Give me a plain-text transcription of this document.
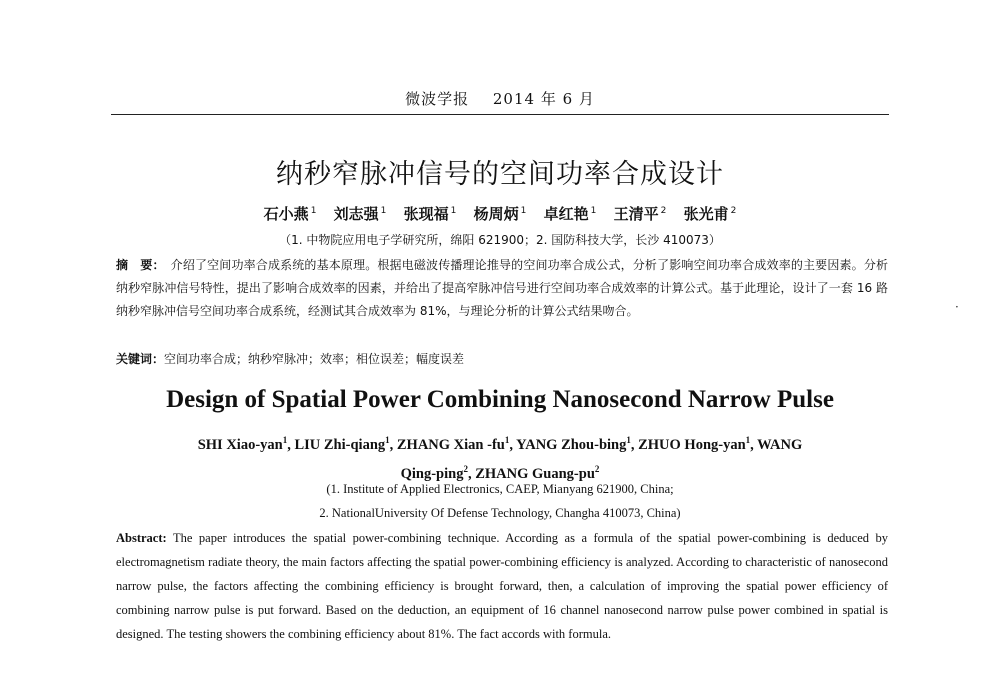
微波学报 2014 年 6 月
纳秒窄脉冲信号的空间功率合成设计
石小燕 $^1$ 刘志强 $^1$ 张现福 $^1$ 杨周炳 $^1$ 卓红艳 $^1$ 王清平 $^2$ 张光甫 $^2$
（1. 中物院应用电子学研究所，绵阳 621900；2. 国防科技大学，长沙 410073）
摘　要： 介绍了空间功率合成系统的基本原理。根据电磁波传播理论推导的空间功率合成公式，分析了影响空间功率合成效率的主要因素。分析纳秒窄脉冲信号特性，提出了影响合成效率的因素，并给出了提高窄脉冲信号进行空间功率合成效率的计算公式。基于此理论，设计了一套 16 路纳秒窄脉冲信号空间功率合成系统，经测试其合成效率为 81%，与理论分析的计算公式结果吻合。
关键词：空间功率合成；纳秒窄脉冲；效率；相位误差；幅度误差
Design of Spatial Power Combining Nanosecond Narrow Pulse
SHI Xiao-yan$^1$, LIU Zhi-qiang$^1$, ZHANG Xian $-fu^1$, YANG Zhou-bing$^1$, ZHUO Hong-yan$^1$, WANG
Qing-ping$^2$, ZHANG Guang-$pu^2$
(1. Institute of Applied Electronics, CAEP, Mianyang 621900, China;
2. NationalUniversity Of Defense Technology, Changha 410073, China)
Abstract: The paper introduces the spatial power-combining technique. According as a formula of the spatial power-combining is deduced by electromagnetism radiate theory, the main factors affecting the spatial power-combining efficiency is analyzed. According to characteristic of nanosecond narrow pulse, the factors affecting the combining efficiency is brought forward, then, a calculation of improving the spatial power efficiency of combining narrow pulse is put forward. Based on the deduction, an equipment of 16 channel nanosecond narrow pulse power combined in spatial is designed. The testing showers the combining efficiency about 81%. The fact accords with formula.
·
